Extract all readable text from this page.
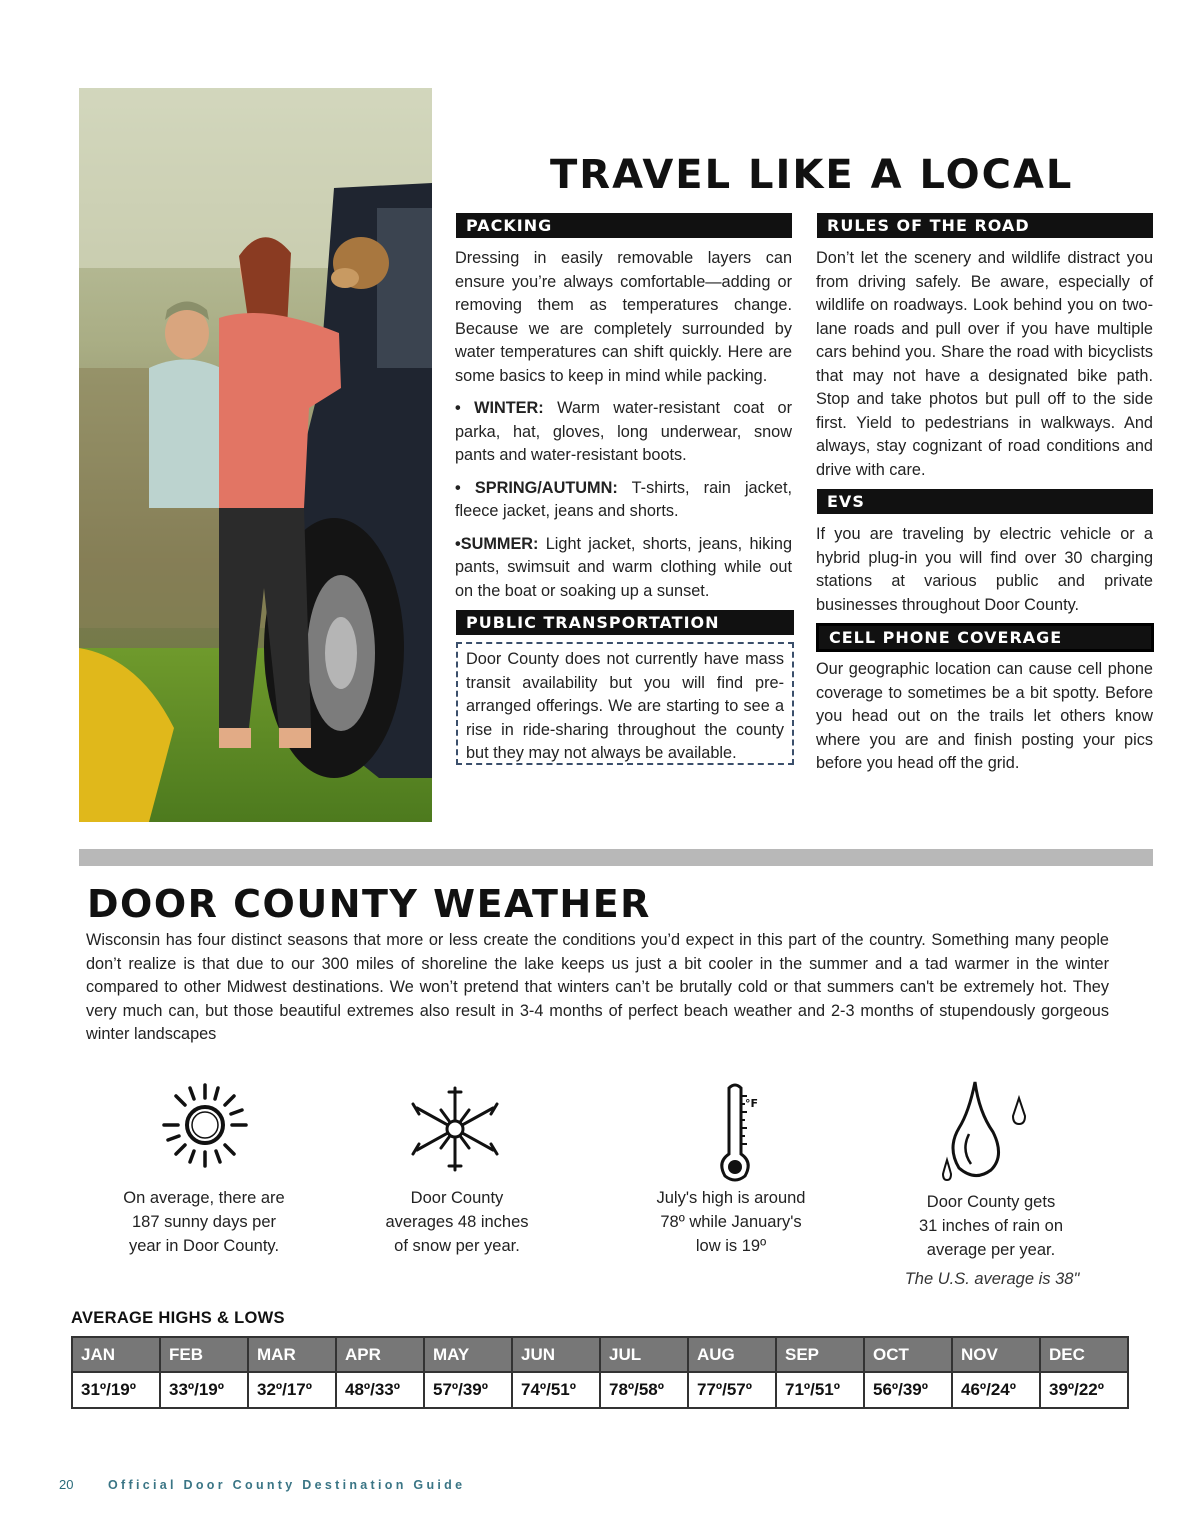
TRAVEL LIKE A LOCAL
PACKING

Dressing in easily removable layers can ensure you’re always comfortable—adding or removing them as temperatures change. Because we are completely surrounded by water temperatures can shift quickly. Here are some basics to keep in mind while packing.

• WINTER: Warm water-resistant coat or parka, hat, gloves, long underwear, snow pants and water-resistant boots.

• SPRING/AUTUMN: T-shirts, rain jacket, fleece jacket, jeans and shorts.

•SUMMER: Light jacket, shorts, jeans, hiking pants, swimsuit and warm clothing while out on the boat or soaking up a sunset.

PUBLIC TRANSPORTATION
Door County does not currently have mass transit availability but you will find pre-arranged offerings. We are starting to see a rise in ride-sharing throughout the county but they may not always be available.
RULES OF THE ROAD
Don’t let the scenery and wildlife distract you from driving safely. Be aware, especially of wildlife on roadways. Look behind you on two-lane roads and pull over if you have multiple cars behind you. Share the road with bicyclists that may not have a designated bike path. Stop and take photos but pull off to the side first. Yield to pedestrians in walkways. And always, stay cognizant of road conditions and drive with care.
EVS
If you are traveling by electric vehicle or a hybrid plug-in you will find over 30 charging stations at various public and private businesses throughout Door County.
CELL PHONE COVERAGE
Our geographic location can cause cell phone coverage to sometimes be a bit spotty. Before you head out on the trails let others know where you are and finish posting your pics before you head off the grid.
DOOR COUNTY WEATHER
Wisconsin has four distinct seasons that more or less create the conditions you’d expect in this part of the country. Something many people don’t realize is that due to our 300 miles of shoreline the lake keeps us just a bit cooler in the summer and a tad warmer in the winter compared to other Midwest destinations. We won’t pretend that winters can’t be brutally cold or that summers can't be extremely hot. They very much can, but those beautiful extremes also result in 3-4 months of perfect beach weather and 2-3 months of stupendously gorgeous winter landscapes
°F
On average, there are
187 sunny days per
year in Door County.
Door County
averages 48 inches
of snow per year.
July's high is around
78º while January's
low is 19º
Door County gets
31 inches of rain on
average per year.
The U.S. average is 38"
AVERAGE HIGHS & LOWS
JAN	FEB	MAR	APR	MAY	JUN	JUL	AUG	SEP	OCT	NOV	DEC
31º/19º	33º/19º	32º/17º	48º/33º	57º/39º	74º/51º	78º/58º	77º/57º	71º/51º	56º/39º	46º/24º	39º/22º
20	Official Door County Destination Guide
